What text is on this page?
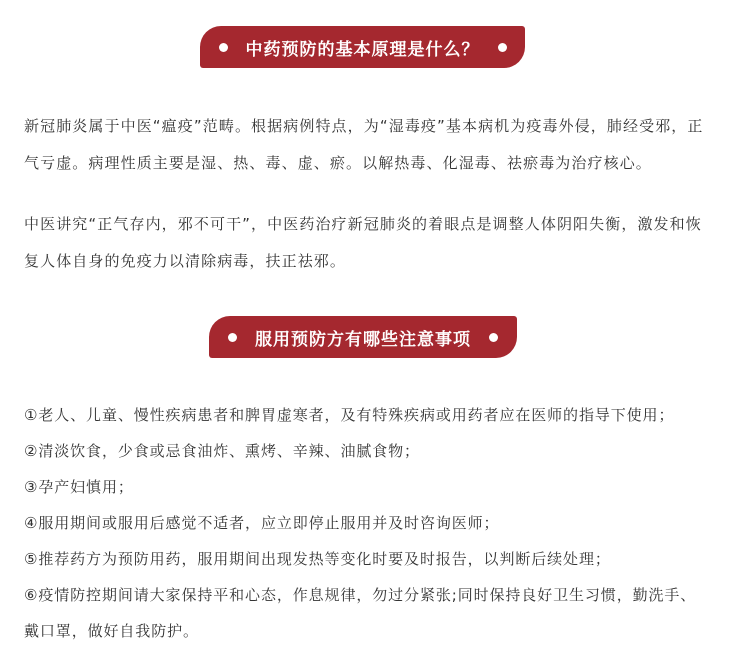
中药预防的基本原理是什么？

新冠肺炎属于中医“瘟疫”范畴。根据病例特点，为“湿毒疫”基本病机为疫毒外侵，肺经受邪，正气亏虚。病理性质主要是湿、热、毒、虚、瘀。以解热毒、化湿毒、祛瘀毒为治疗核心。

中医讲究“正气存内，邪不可干”，中医药治疗新冠肺炎的着眼点是调整人体阴阳失衡，激发和恢复人体自身的免疫力以清除病毒，扶正祛邪。

服用预防方有哪些注意事项
①老人、儿童、慢性疾病患者和脾胃虚寒者，及有特殊疾病或用药者应在医师的指导下使用；
②清淡饮食，少食或忌食油炸、熏烤、辛辣、油腻食物；
③孕产妇慎用；
④服用期间或服用后感觉不适者，应立即停止服用并及时咨询医师；
⑤推荐药方为预防用药，服用期间出现发热等变化时要及时报告，以判断后续处理；
⑥疫情防控期间请大家保持平和心态，作息规律，勿过分紧张;同时保持良好卫生习惯，勤洗手、戴口罩，做好自我防护。
